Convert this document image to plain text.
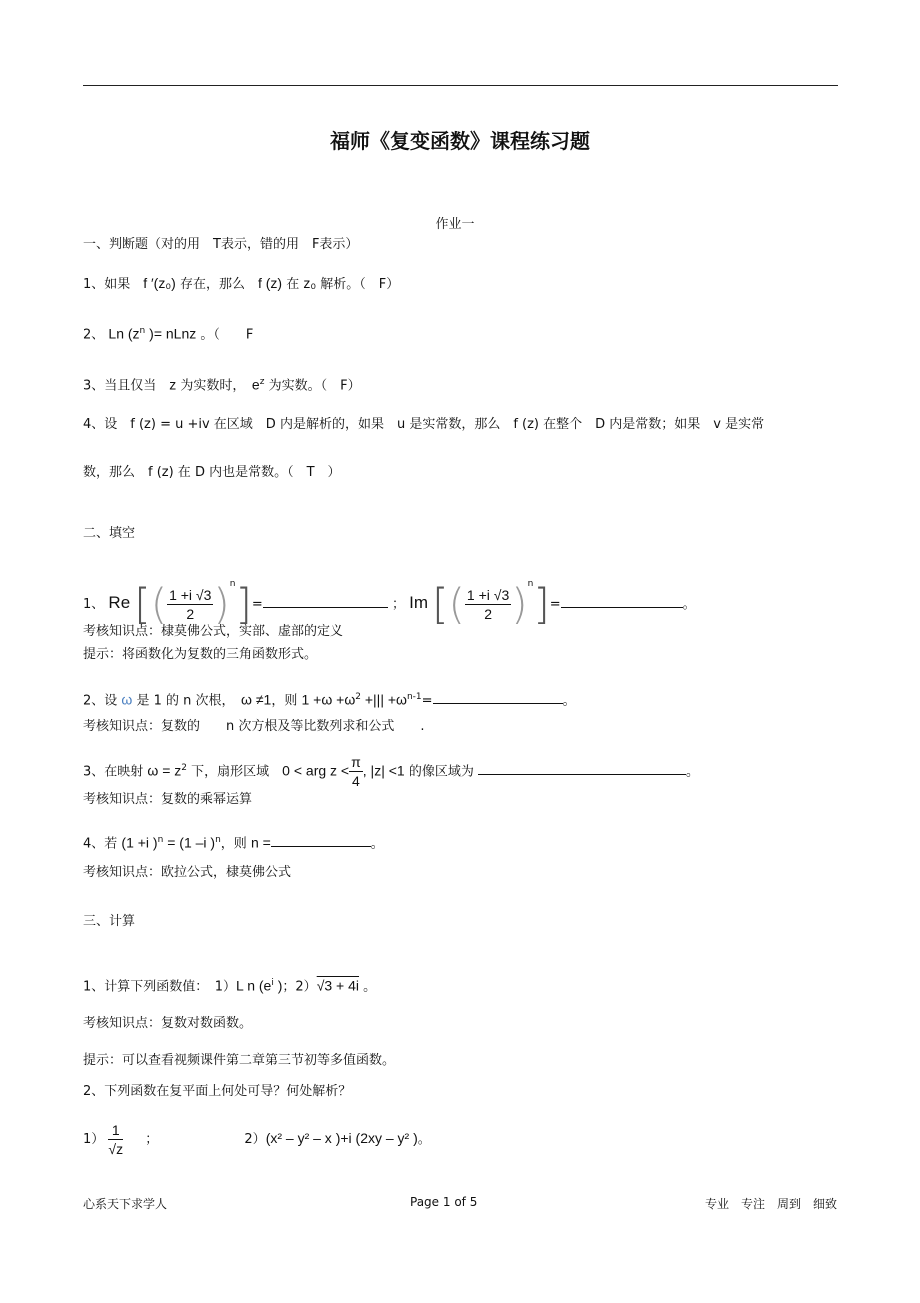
福师《复变函数》课程练习题
作业一
一、判断题（对的用　T表示，错的用　F表示）
1、如果　f ′(z₀) 存在，那么　f (z) 在 z₀ 解析。（　F）
2、 Ln ($z^n$ )= nLnz 。（　　F
3、当且仅当　z 为实数时，　$e^z$ 为实数。（　F）
4、设　f (z) = u +iv 在区域　D 内是解析的，如果　u 是实常数，那么　f (z) 在整个　D 内是常数；如果　v 是实常
数，那么　f (z) 在 D 内也是常数。（　T　）
二、填空
1、 Re [( $\frac{1 +i √3}{2} )^n]=$	； Im [( $\frac{1 +i √3}{2} )^n]=$	。
考核知识点：棣莫佛公式，实部、虚部的定义
提示：将函数化为复数的三角函数形式。
2、设 ω 是 1 的 n 次根，　ω ≠1，则 $1 +\omega +\omega^2$ +||| $+\omega^{n-1}=$	。
考核知识点：复数的　　n 次方根及等比数列求和公式　　.
3、在映射 $\omega = z^2$ 下，扇形区域　0 < arg $z < \frac{\pi}{4}$ , |z| <1 的像区域为	。
考核知识点：复数的乘幂运算
4、若 (1 +i )$^n$ = (1 –i )$^n$，则 n =	。
考核知识点：欧拉公式，棣莫佛公式
三、计算
1、计算下列函数值：　1）L n ($e^i$ )；2）√3 + 4i 。
考核知识点：复数对数函数。
提示：可以查看视频课件第二章第三节初等多值函数。
2、下列函数在复平面上何处可导？何处解析？
$1) \frac{1}{√z}$ ；	2）(x² – y² – x )+i (2xy – y² )。
心系天下求学人	Page 1 of 5	专业　专注　周到　细致
